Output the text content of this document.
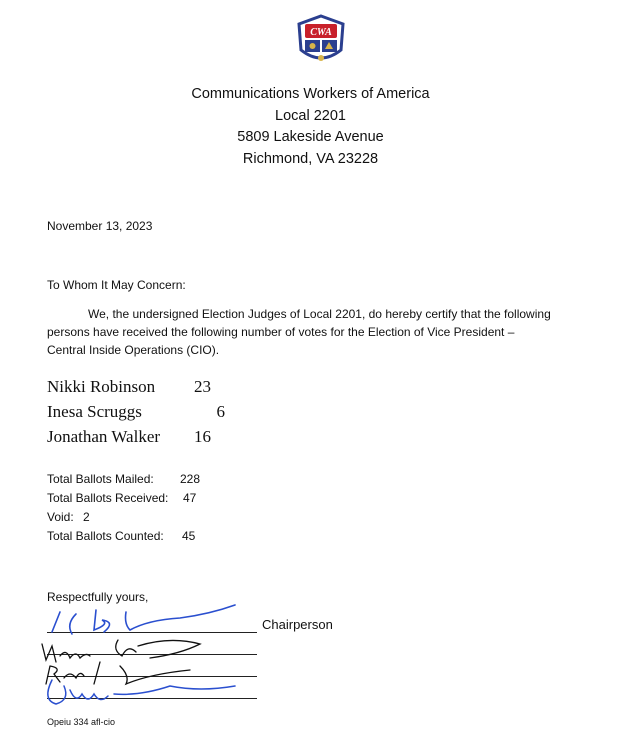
CWA
Communications Workers of America
Local 2201
5809 Lakeside Avenue
Richmond, VA 23228
November 13, 2023
To Whom It May Concern:
We, the undersigned Election Judges of Local 2201, do hereby certify that the following
persons have received the following number of votes for the Election of Vice President –
Central Inside Operations (CIO).
Nikki Robinson 23
Inesa Scruggs	6
Jonathan Walker 16
Total Ballots Mailed: 228
Total Ballots Received: 47
Void: 2
Total Ballots Counted: 45
Respectfully yours,
Chairperson
Opeiu 334 afl-cio
